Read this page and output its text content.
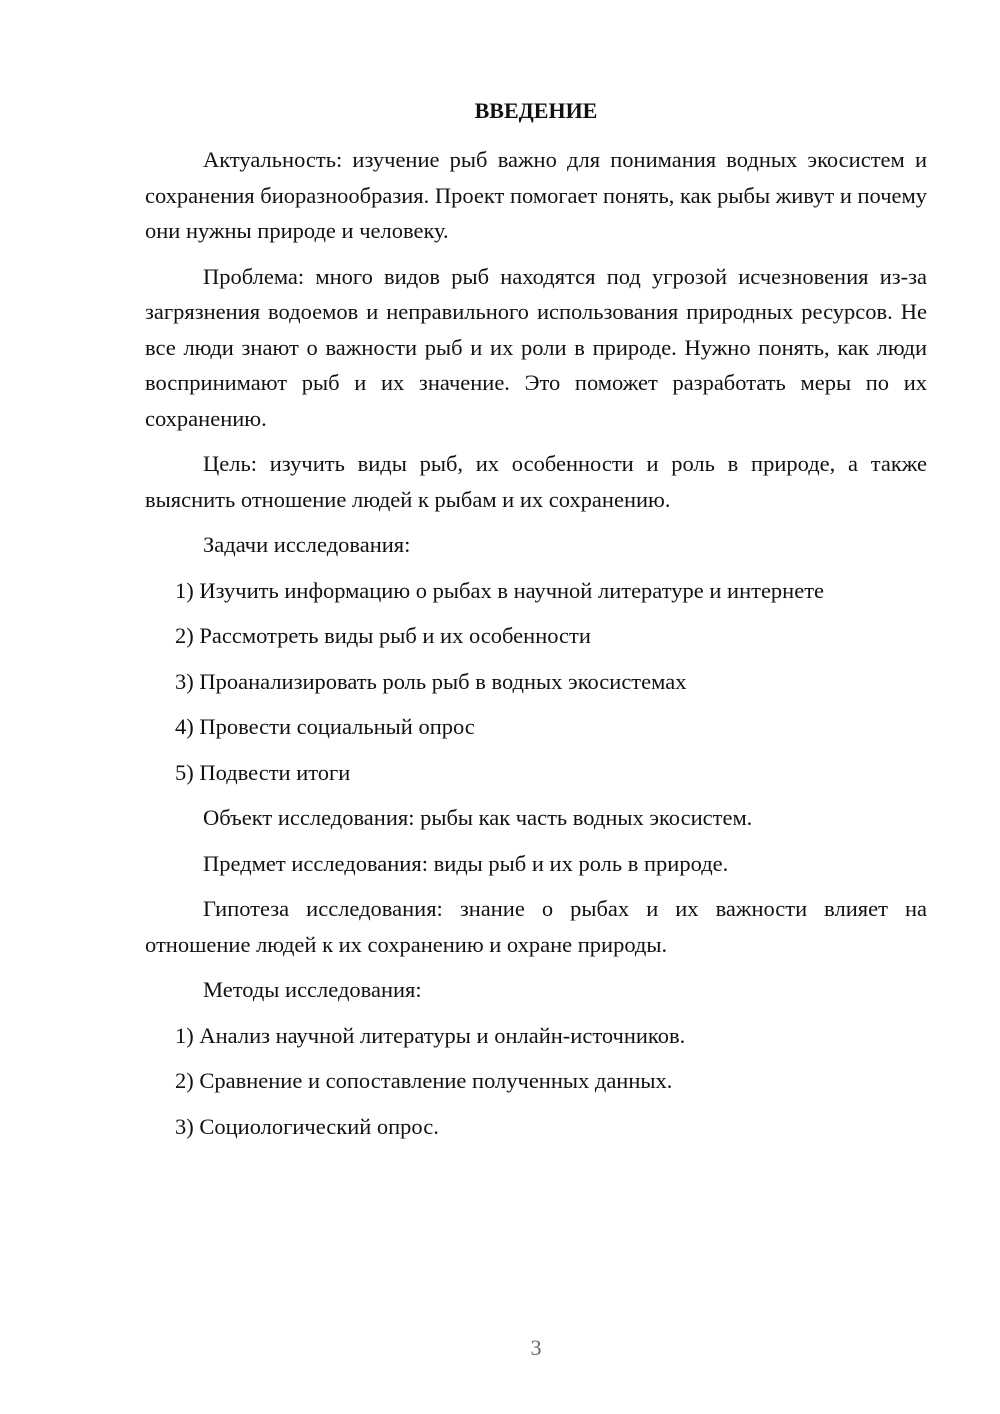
ВВЕДЕНИЕ

Актуальность: изучение рыб важно для понимания водных экосистем и сохранения биоразнообразия. Проект помогает понять, как рыбы живут и почему они нужны природе и человеку.

Проблема: много видов рыб находятся под угрозой исчезновения из-за загрязнения водоемов и неправильного использования природных ресурсов. Не все люди знают о важности рыб и их роли в природе. Нужно понять, как люди воспринимают рыб и их значение. Это поможет разработать меры по их сохранению.

Цель: изучить виды рыб, их особенности и роль в природе, а также выяснить отношение людей к рыбам и их сохранению.

Задачи исследования:

1) Изучить информацию о рыбах в научной литературе и интернете
2) Рассмотреть виды рыб и их особенности
3) Проанализировать роль рыб в водных экосистемах
4) Провести социальный опрос
5) Подвести итоги

Объект исследования: рыбы как часть водных экосистем.

Предмет исследования: виды рыб и их роль в природе.

Гипотеза исследования: знание о рыбах и их важности влияет на отношение людей к их сохранению и охране природы.

Методы исследования:

1) Анализ научной литературы и онлайн-источников.
2) Сравнение и сопоставление полученных данных.
3) Социологический опрос.
3
